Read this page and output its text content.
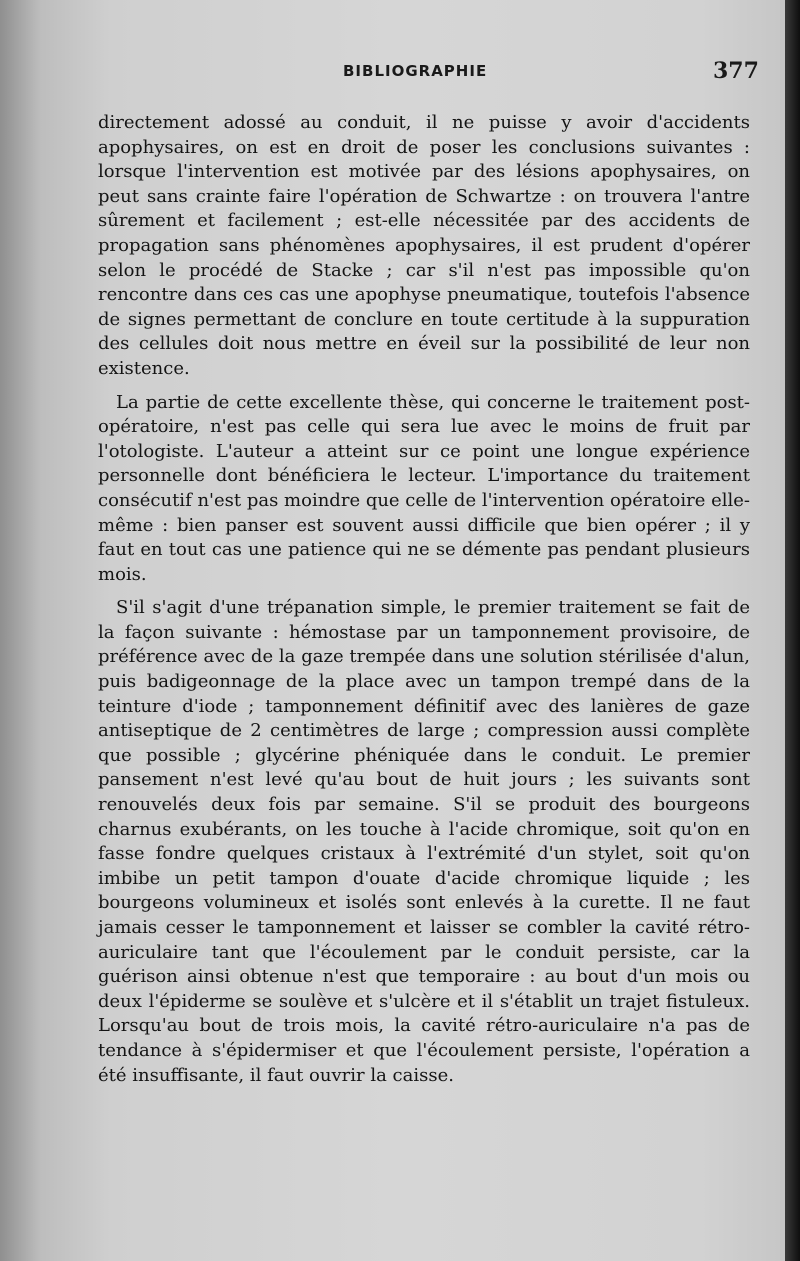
BIBLIOGRAPHIE	377

directement adossé au conduit, il ne puisse y avoir d'accidents apophysaires, on est en droit de poser les conclusions suivantes : lorsque l'intervention est motivée par des lésions apophysaires, on peut sans crainte faire l'opération de Schwartze : on trouvera l'antre sûrement et facilement ; est-elle nécessitée par des accidents de propagation sans phénomènes apophysaires, il est prudent d'opérer selon le procédé de Stacke ; car s'il n'est pas impossible qu'on rencontre dans ces cas une apophyse pneumatique, toutefois l'absence de signes permettant de conclure en toute certitude à la suppuration des cellules doit nous mettre en éveil sur la possibilité de leur non existence.

La partie de cette excellente thèse, qui concerne le traitement post-opératoire, n'est pas celle qui sera lue avec le moins de fruit par l'otologiste. L'auteur a atteint sur ce point une longue expérience personnelle dont bénéficiera le lecteur. L'importance du traitement consécutif n'est pas moindre que celle de l'intervention opératoire elle-même : bien panser est souvent aussi difficile que bien opérer ; il y faut en tout cas une patience qui ne se démente pas pendant plusieurs mois.

S'il s'agit d'une trépanation simple, le premier traitement se fait de la façon suivante : hémostase par un tamponnement provisoire, de préférence avec de la gaze trempée dans une solution stérilisée d'alun, puis badigeonnage de la place avec un tampon trempé dans de la teinture d'iode ; tamponnement définitif avec des lanières de gaze antiseptique de 2 centimètres de large ; compression aussi complète que possible ; glycérine phéniquée dans le conduit. Le premier pansement n'est levé qu'au bout de huit jours ; les suivants sont renouvelés deux fois par semaine. S'il se produit des bourgeons charnus exubérants, on les touche à l'acide chromique, soit qu'on en fasse fondre quelques cristaux à l'extrémité d'un stylet, soit qu'on imbibe un petit tampon d'ouate d'acide chromique liquide ; les bourgeons volumineux et isolés sont enlevés à la curette. Il ne faut jamais cesser le tamponnement et laisser se combler la cavité rétro-auriculaire tant que l'écoulement par le conduit persiste, car la guérison ainsi obtenue n'est que temporaire : au bout d'un mois ou deux l'épiderme se soulève et s'ulcère et il s'établit un trajet fistuleux. Lorsqu'au bout de trois mois, la cavité rétro-auriculaire n'a pas de tendance à s'épidermiser et que l'écoulement persiste, l'opération a été insuffisante, il faut ouvrir la caisse.
